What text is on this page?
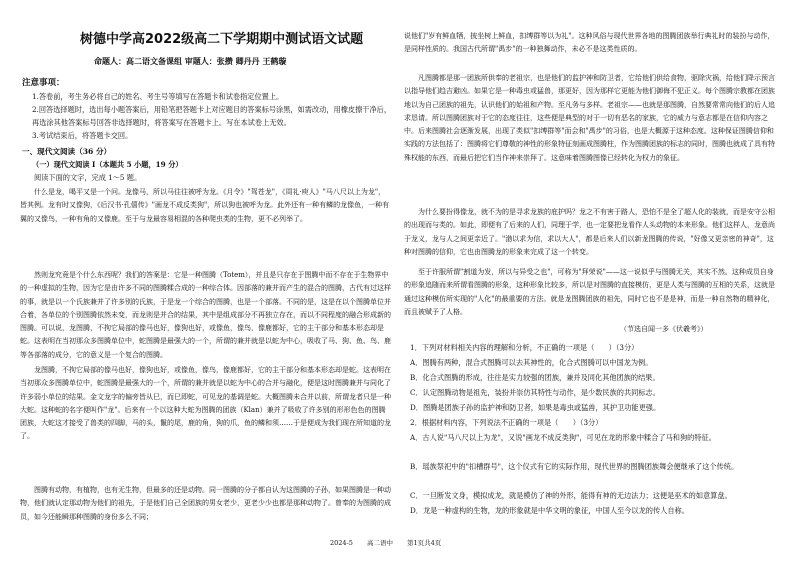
树德中学高2022级高二下学期期中测试语文试题
命题人：高二语文备课组 审题人：张攒 卿丹丹 王鹤璇
注意事项：

1.答卷前，考生务必将自己的姓名、考生号等填写在答题卡和试卷指定位置上。

2.回答选择题时，选出每小题答案后，用铅笔把答题卡上对应题目的答案标号涂黑，如需改动，用橡皮擦干净后，再选涂其他答案标号回答非选择题时，将答案写在答题卡上。写在本试卷上无效。

3.考试结束后，将答题卡交回。

一、现代文阅读（36 分）
（一）现代文阅读 Ⅰ（本题共 5 小题，19 分）
阅读下面的文字，完成 1～5 题。

什么是龙，喝平又是一个问。龙像马，所以马往往被呼为龙。《月令》"驾苍龙"，《周礼·庾人》"马八尺以上为龙"，皆其例。龙有时又像狗，《后汉书·孔僖传》"画龙不成反类狗"，所以狗也被呼为龙。此外还有一种有鳞的龙像鱼，一种有翼的又像鸟，一种有角的又像鹿。至于与龙最容易相混的各种爬虫类的生物，更不必列举了。

然则龙究竟是个什么东西呢？我们的答案是：它是一种图腾（Totem），并且是只存在于图腾中而不存在于生物界中的一种虚拟的生物，因为它是由许多不同的图腾糅合成的一种综合体。因部落的兼并而产生的混合的图腾，古代有过这样的事，就是以一个氏族兼并了许多别的氏族，于是龙一个综合的图腾，也是一个部落。不同的是，这是在以个图腾单位并合着，各单位的个别图腾依然未变，而龙则是并合的结果，其中是组成部分不再独立存在，而以不同程度的融合形成新的图腾。可以说，龙图腾，不拘它局部的像马也好，像狗也好，或像鱼，像鸟，像鹿都好，它的主干部分和基本形态却是蛇。这表明在当初那众多图腾单位中，蛇图腾是最强大的一个，所谓的兼并就是以蛇为中心，吸收了马、狗、鱼、鸟、鹿等各部落的成分，它的意义是一个复合的图腾。

龙图腾，不拘它局部的像马也好，像狗也好，或像鱼，像鸟，像鹿都好，它的主干部分和基本形态却是蛇。这表明在当初那众多图腾单位中，蛇图腾是最强大的一个，所谓的兼并就是以蛇为中心的合并与融化，便是这时图腾兼并与同化了许多弱小单位的结果。金文龙字的偏旁皆从巳，而巳即蛇，可见龙的基调是蛇。大概图腾未合并以前，所谓龙者只是一种大蛇。这种蛇的名字便叫作"龙"。后来有一个以这种大蛇为图腾的团族（Klan）兼并了吸收了许多别的形形色色的图腾团族，大蛇这才接受了兽类的四脚，马的头，鬣的尾，鹿的角，狗的爪，鱼的鳞和须……于是便成为我们现在所知道的龙了。

图腾有动物，有植物，也有无生物，但最多的还是动物。同一图腾的分子都自认为这图腾的子孙，如果图腾是一种动物，他们就认定那动物为他们的祖先，于是他们自己全团族的男女老少，更老少少也都是那种动物了。曾奉的为图腾的成员，如今还能瞬那种图腾的身份多么不同；

说他们"岁有鲜血牺，披坐树上鲜血，扣缚群等以为礼"。这种风俗与现代世界各地的图腾团族举行典礼时的装扮与动作，是同样性质的。我国古代所谓"禹步"的一种独舞动作，未必不是这类性质的。

凡图腾都是那一团族所供奉的老祖宗，也是他们的监护神和防卫者，它给他们供给食物，驱除灾祸，给他们降示预言以指导他们趋吉避凶。如果它是一种毒虫或猛兽，那更好，因为那样它更能为他们御侮不犯正义。每个图腾宗教都在团族地以为自己团族的祖先，认识他们的始祖和产物。至凡务与多样。老祖宗——也就是那图腾，自然要常常向他们的后人追求恳请。所以图腾团族对于它的态度往往，这些便是典型的对于一切有恶名的家族，它的威力与意志都是在信仰内容之中。后来图腾社会逐渐发展，出现了类似"扣缚群等"而会和"禹步"的习俗，也是大概源于这种态度。这种保证图腾信仰和实践的方法包括了：图腾将它们尊敬的神性的形象特征刻画成图腾柱，作为图腾团族的标志的同时，图腾也就成了具有特殊权能的东西，而最后把它们当作神来崇拜了。这意味着图腾图像已经转化为权力的象征。

为什么要扮得像龙，就不为的是寻求龙族的庇护吗？龙之不有害于路人，恐怕不是全了超人化的装就，而是安守公相的出现而与类的。如此，即便有了后来的人们，同理于学，也一定要把龙看作人头动物的本来形象。他们这样人，龙意尚于龙义，龙与人之间更亲近了。"渤以求为信，求以大人"，都是后来人们以新龙图腾的传说，"好像又更亲密的神奇"，这种对图腾的信仰，它也由图腾龙的形象来完成了这一个转变。

至于许服所谓"割道为发，所以与异受之也"，可称为"拜荣说"——这一说似乎与图腾无关，其实不然。这种成员自身的形象追随而来所谓看图腾的形象，这种形象比较多，所以是对图腾的直接模仿，更是人类与图腾的互相的关系，这就是通过这种模仿所实现的"人化"的最重要的方法。就是龙图腾团族的祖先，同时它也不是是神，而是一种自然物的精神化，而且被赋予了人格。

（节选自闻一多《伏羲考》）

1．下列对材料相关内容的理解和分析，不正确的一项是（　　）（3分）

A．图腾有两种，混合式图腾可以去其神性的，化合式图腾可以中国龙为例。

B．化合式图腾的形成，往往是实力较强的团族，兼并及同化其他团族的结果。

C．认定图腾动物是祖先，装扮并崇仿其特性与动作，是少数民族的共同标志。

D．图腾是团族子孙的监护神和防卫者，如果是毒虫或猛兽，其护卫功能更强。

2．根据材料内容，下列说法不正确的一项是（　　）（3分）

A．古人说"马八尺以上为龙"，又说"画龙不成反类狗"，可见在龙的形象中糅合了马和狗的特征。

B．瑶族祭祀中的"扣槽群号"，这个仪式有它的实际作用，现代世界的图腾团族舞会便继承了这个传统。

C．一旦断发文身，模拟成龙，就是模仿了神的外形，能得有神的无边法力；这便是巫术的如意算盘。

D．龙是一种虚构的生物，龙的形象就是中华文明的象征，中国人至今以龙的传人自称。

2024-5 高二语中 第1页共4页
